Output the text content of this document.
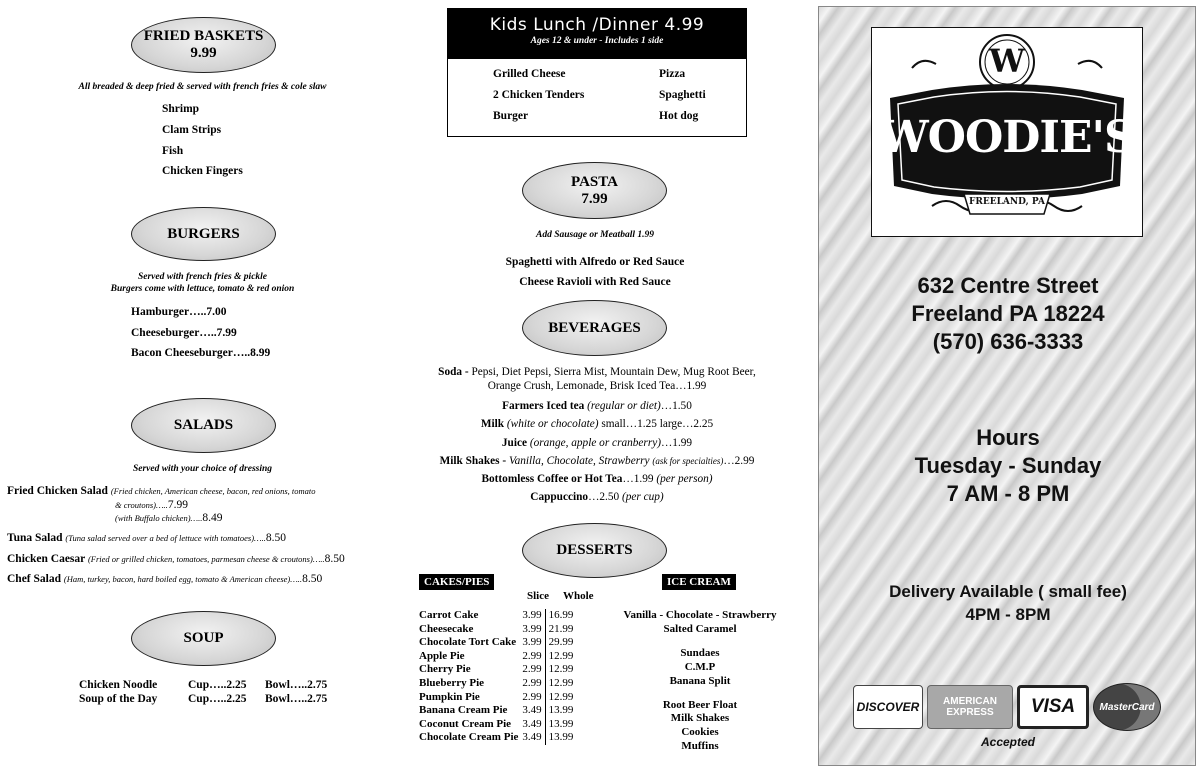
FRIED BASKETS
9.99
All breaded & deep fried & served with french fries & cole slaw
Shrimp
Clam Strips
Fish
Chicken Fingers
BURGERS
Served with french fries & pickle
Burgers come with lettuce, tomato & red onion
Hamburger…..7.00
Cheeseburger…..7.99
Bacon Cheeseburger…..8.99
SALADS
Served with your choice of dressing
Fried Chicken Salad (Fried chicken, American cheese, bacon, red onions, tomato
& croutons)…..7.99
(with Buffalo chicken)…..8.49
Tuna Salad (Tuna salad served over a bed of lettuce with tomatoes)…..8.50
Chicken Caesar (Fried or grilled chicken, tomatoes, parmesan cheese & croutons)…..8.50
Chef Salad (Ham, turkey, bacon, hard boiled egg, tomato & American cheese)…..8.50
SOUP
Chicken Noodle	Cup…..2.25 Bowl…..2.75
Soup of the Day	Cup…..2.25 Bowl…..2.75
Kids Lunch /Dinner 4.99
Ages 12 & under - Includes 1 side
Grilled Cheese
2 Chicken Tenders
Burger
Pizza
Spaghetti
Hot dog
PASTA
7.99
Add Sausage or Meatball 1.99
Spaghetti with Alfredo or Red Sauce
Cheese Ravioli with Red Sauce
BEVERAGES
Soda - Pepsi, Diet Pepsi, Sierra Mist, Mountain Dew, Mug Root Beer,
Orange Crush, Lemonade, Brisk Iced Tea…1.99
Farmers Iced tea (regular or diet)…1.50
Milk (white or chocolate) small…1.25 large…2.25
Juice (orange, apple or cranberry)…1.99
Milk Shakes - Vanilla, Chocolate, Strawberry (ask for specialties)…2.99
Bottomless Coffee or Hot Tea…1.99 (per person)
Cappuccino…2.50 (per cup)
DESSERTS
CAKES/PIES
Slice Whole
Carrot Cake	3.99	16.99
Cheesecake	3.99	21.99
Chocolate Tort Cake	3.99	29.99
Apple Pie	2.99	12.99
Cherry Pie	2.99	12.99
Blueberry Pie	2.99	12.99
Pumpkin Pie	2.99	12.99
Banana Cream Pie	3.49	13.99
Coconut Cream Pie	3.49	13.99
Chocolate Cream Pie	3.49	13.99
ICE CREAM
Vanilla - Chocolate - Strawberry
Salted Caramel
Sundaes
C.M.P
Banana Split
Root Beer Float
Milk Shakes
Cookies
Muffins
W
WOODIE'S
FREELAND, PA
632 Centre Street
Freeland PA 18224
(570) 636-3333
Hours
Tuesday - Sunday
7 AM - 8 PM
Delivery Available ( small fee)
4PM - 8PM
DISCOVER	AMERICAN EXPRESS	VISA MasterCard
Accepted
